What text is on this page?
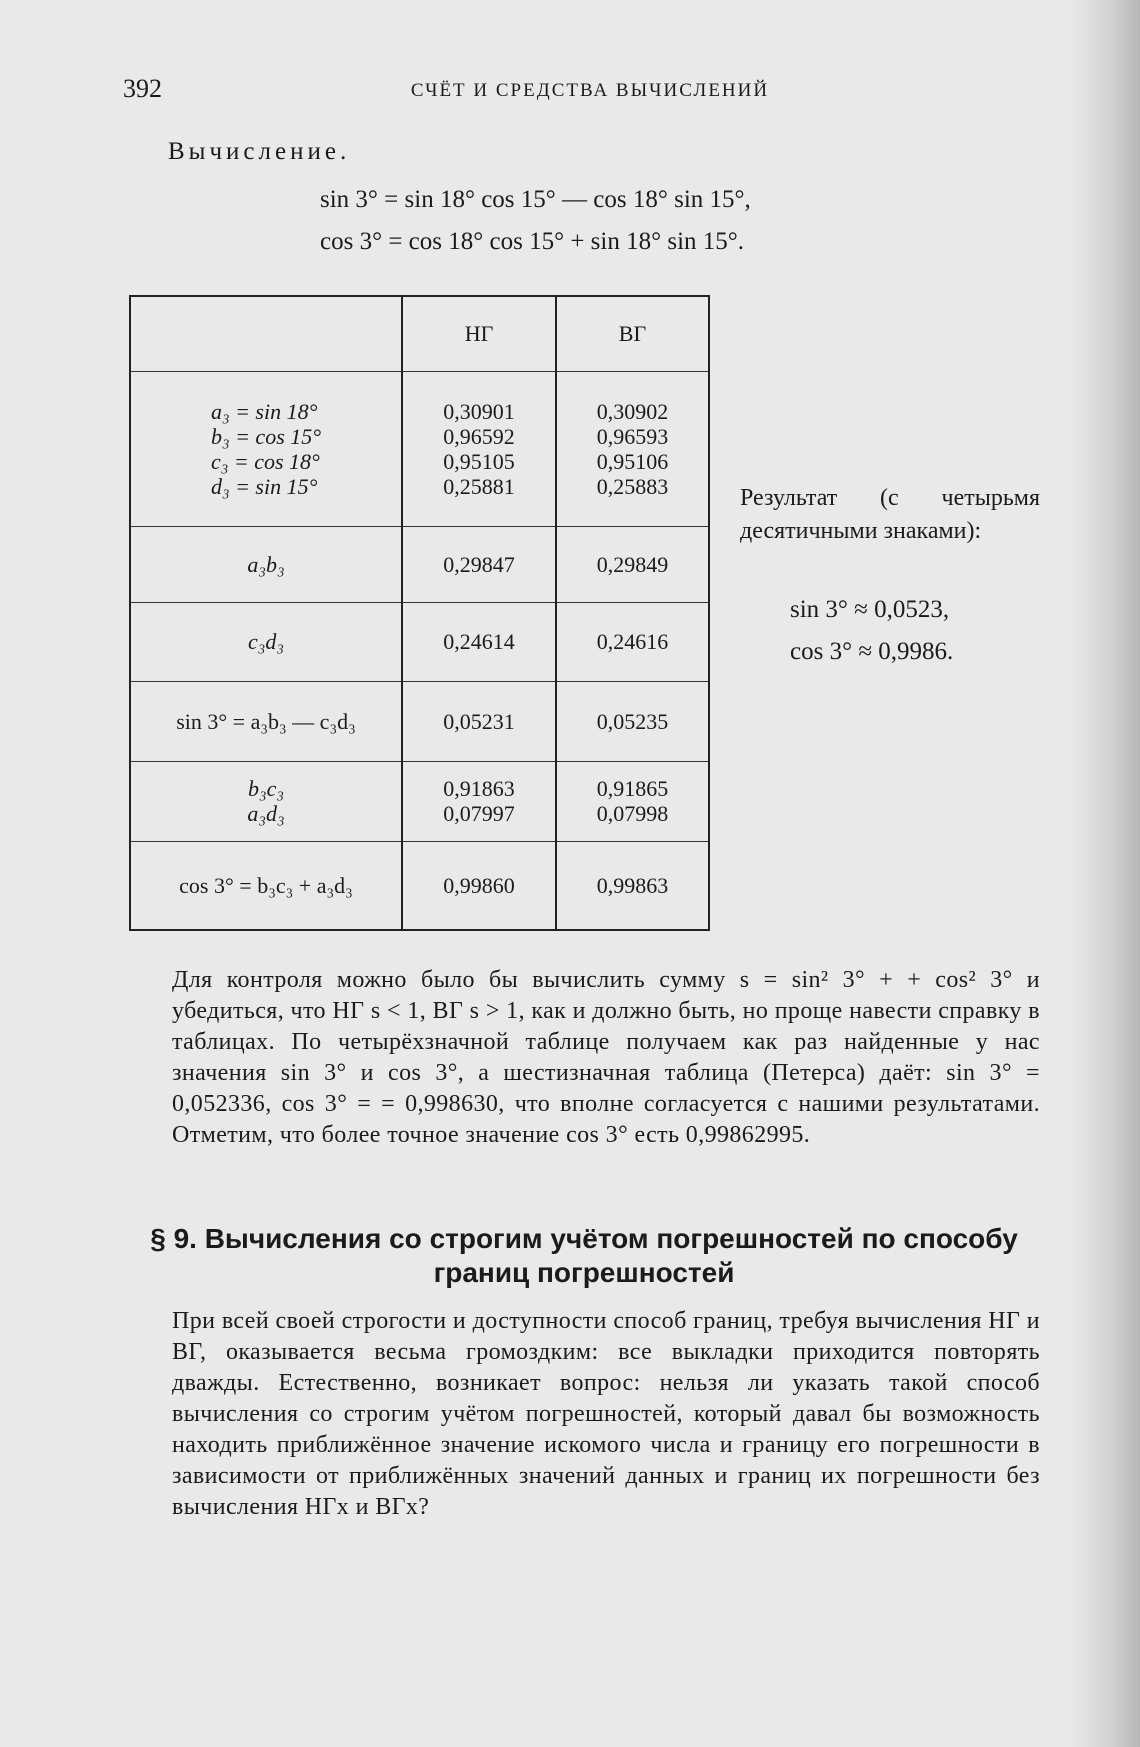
392	СЧЁТ И СРЕДСТВА ВЫЧИСЛЕНИЙ
Вычисление.
sin 3° = sin 18° cos 15° — cos 18° sin 15°,
cos 3° = cos 18° cos 15° + sin 18° sin 15°.
	НГ	ВГ

a₃ = sin 18°
b₃ = cos 15°
c₃ = cos 18°
d₃ = sin 15°	0,30901
0,96592
0,95105
0,25881	0,30902
0,96593
0,95106
0,25883

a₃b₃	0,29847	0,29849
c₃d₃	0,24614	0,24616
sin 3° = a₃b₃ — c₃d₃	0,05231	0,05235

b₃c₃
a₃d₃	0,91863
0,07997	0,91865
0,07998

cos 3° = b₃c₃ + a₃d₃	0,99860	0,99863
Результат (с четырьмя десятичными знаками):
sin 3° ≈ 0,0523,
cos 3° ≈ 0,9986.

Для контроля можно было бы вычислить сумму s = sin² 3° + + cos² 3° и убедиться, что НГ s < 1, ВГ s > 1, как и должно быть, но проще навести справку в таблицах. По четырёхзначной таблице получаем как раз найденные у нас значения sin 3° и cos 3°, а шестизначная таблица (Петерса) даёт: sin 3° = 0,052336, cos 3° = = 0,998630, что вполне согласуется с нашими результатами. Отметим, что более точное значение cos 3° есть 0,99862995.

§ 9. Вычисления со строгим учётом погрешностей по способу границ погрешностей

При всей своей строгости и доступности способ границ, требуя вычисления НГ и ВГ, оказывается весьма громоздким: все выкладки приходится повторять дважды. Естественно, возникает вопрос: нельзя ли указать такой способ вычисления со строгим учётом погрешностей, который давал бы возможность находить приближённое значение искомого числа и границу его погрешности в зависимости от приближённых значений данных и границ их погрешности без вычисления НГx и ВГx?
